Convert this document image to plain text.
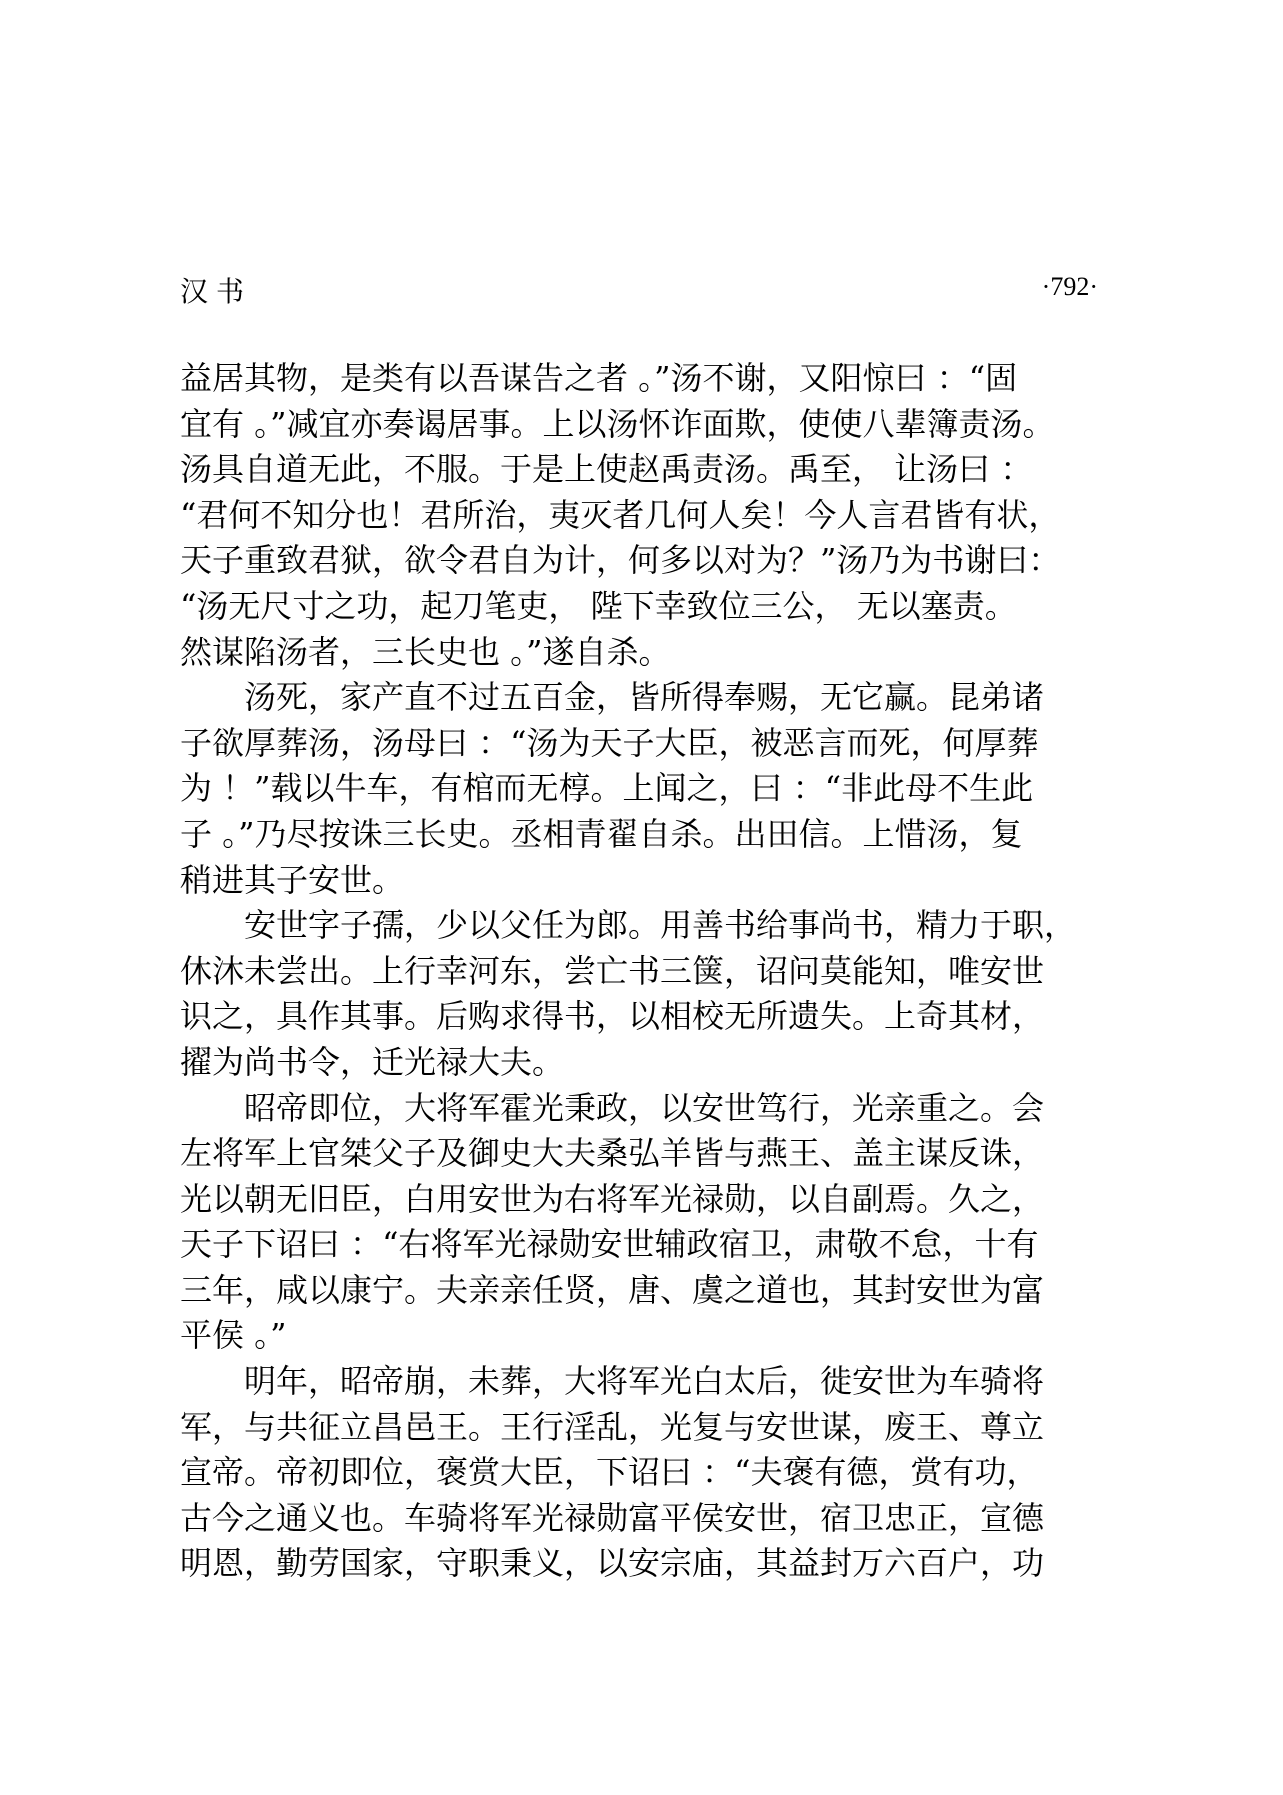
汉书	·792·
益居其物，是类有以吾谋告之者 。”汤不谢，又阳惊曰 ：“固
宜有 。”减宜亦奏谒居事。上以汤怀诈面欺，使使八辈簿责汤。
汤具自道无此，不服。于是上使赵禹责汤。禹至， 让汤曰 ：
“君何不知分也！君所治，夷灭者几何人矣！今人言君皆有状，
天子重致君狱，欲令君自为计，何多以对为？”汤乃为书谢曰：
“汤无尺寸之功，起刀笔吏， 陛下幸致位三公， 无以塞责。
然谋陷汤者，三长史也 。”遂自杀。
汤死，家产直不过五百金，皆所得奉赐，无它赢。昆弟诸
子欲厚葬汤，汤母曰 ：“汤为天子大臣，被恶言而死，何厚葬
为 ！”载以牛车，有棺而无椁。上闻之，曰 ：“非此母不生此
子 。”乃尽按诛三长史。丞相青翟自杀。出田信。上惜汤，复
稍进其子安世。
安世字子孺，少以父任为郎。用善书给事尚书，精力于职，
休沐未尝出。上行幸河东，尝亡书三箧，诏问莫能知，唯安世
识之，具作其事。后购求得书，以相校无所遗失。上奇其材，
擢为尚书令，迁光禄大夫。
昭帝即位，大将军霍光秉政，以安世笃行，光亲重之。会
左将军上官桀父子及御史大夫桑弘羊皆与燕王、盖主谋反诛，
光以朝无旧臣，白用安世为右将军光禄勋，以自副焉。久之，
天子下诏曰 ：“右将军光禄勋安世辅政宿卫，肃敬不怠，十有
三年，咸以康宁。夫亲亲任贤，唐、虞之道也，其封安世为富
平侯 。”
明年，昭帝崩，未葬，大将军光白太后，徙安世为车骑将
军，与共征立昌邑王。王行淫乱，光复与安世谋，废王、尊立
宣帝。帝初即位，褒赏大臣，下诏曰 ：“夫褒有德，赏有功，
古今之通义也。车骑将军光禄勋富平侯安世，宿卫忠正，宣德
明恩，勤劳国家，守职秉义，以安宗庙，其益封万六百户，功
